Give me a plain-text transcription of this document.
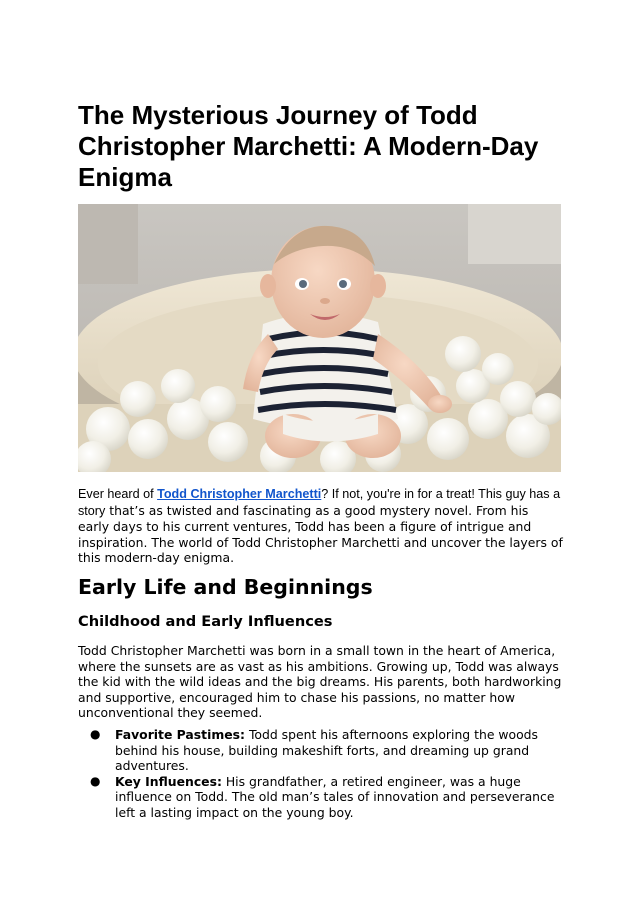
The Mysterious Journey of Todd Christopher Marchetti: A Modern-Day Enigma

Ever heard of Todd Christopher Marchetti? If not, you're in for a treat! This guy has a story that’s as twisted and fascinating as a good mystery novel. From his early days to his current ventures, Todd has been a figure of intrigue and inspiration. The world of Todd Christopher Marchetti and uncover the layers of this modern-day enigma.

Early Life and Beginnings
Childhood and Early Influences

Todd Christopher Marchetti was born in a small town in the heart of America, where the sunsets are as vast as his ambitions. Growing up, Todd was always the kid with the wild ideas and the big dreams. His parents, both hardworking and supportive, encouraged him to chase his passions, no matter how unconventional they seemed.

● Favorite Pastimes: Todd spent his afternoons exploring the woods behind his house, building makeshift forts, and dreaming up grand adventures.
● Key Influences: His grandfather, a retired engineer, was a huge influence on Todd. The old man’s tales of innovation and perseverance left a lasting impact on the young boy.
